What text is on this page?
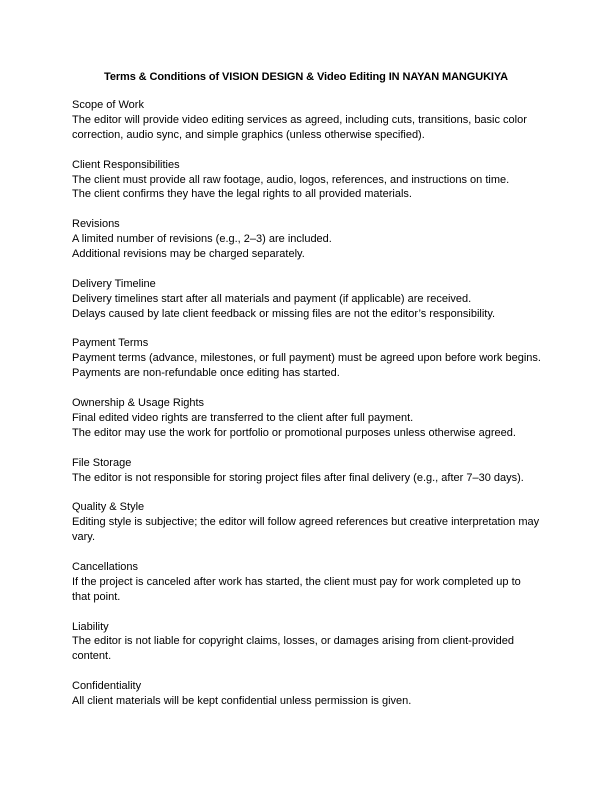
Terms & Conditions of VISION DESIGN & Video Editing IN NAYAN MANGUKIYA
Scope of Work
The editor will provide video editing services as agreed, including cuts, transitions, basic color correction, audio sync, and simple graphics (unless otherwise specified).
Client Responsibilities
The client must provide all raw footage, audio, logos, references, and instructions on time.
The client confirms they have the legal rights to all provided materials.
Revisions
A limited number of revisions (e.g., 2–3) are included.
Additional revisions may be charged separately.
Delivery Timeline
Delivery timelines start after all materials and payment (if applicable) are received.
Delays caused by late client feedback or missing files are not the editor’s responsibility.
Payment Terms
Payment terms (advance, milestones, or full payment) must be agreed upon before work begins.
Payments are non-refundable once editing has started.
Ownership & Usage Rights
Final edited video rights are transferred to the client after full payment.
The editor may use the work for portfolio or promotional purposes unless otherwise agreed.
File Storage
The editor is not responsible for storing project files after final delivery (e.g., after 7–30 days).
Quality & Style
Editing style is subjective; the editor will follow agreed references but creative interpretation may vary.
Cancellations
If the project is canceled after work has started, the client must pay for work completed up to that point.
Liability
The editor is not liable for copyright claims, losses, or damages arising from client-provided content.
Confidentiality
All client materials will be kept confidential unless permission is given.
